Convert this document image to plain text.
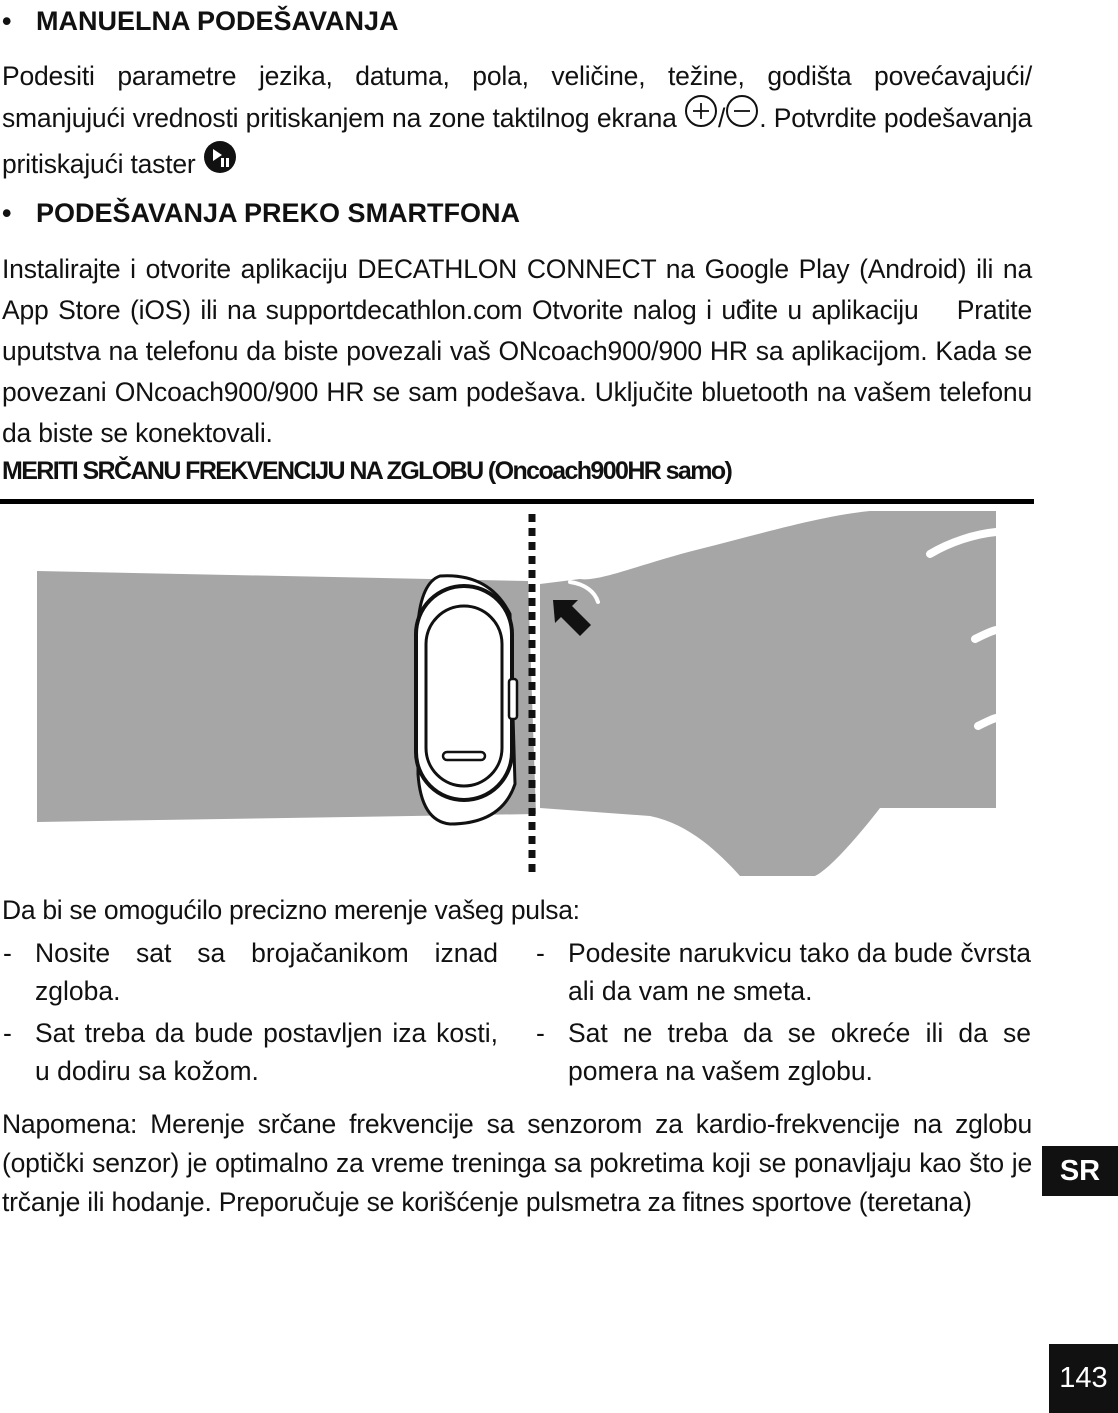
• MANUELNA PODEŠAVANJA
Podesiti parametre jezika, datuma, pola, veličine, težine, godišta povećavajući/ smanjujući vrednosti pritiskanjem na zone taktilnog ekrana / . Potvrdite podešavanja pritiskajući taster
• PODEŠAVANJA PREKO SMARTFONA
Instalirajte i otvorite aplikaciju DECATHLON CONNECT na Google Play (Android) ili na App Store (iOS) ili na supportdecathlon.com Otvorite nalog i uđite u aplikaciju    Pratite uputstva na telefonu da biste povezali vaš ONcoach900/900 HR sa aplikacijom. Kada se povezani ONcoach900/900 HR se sam podešava. Uključite bluetooth na vašem telefonu da biste se konektovali.
MERITI SRČANU FREKVENCIJU NA ZGLOBU (Oncoach900HR samo)
Da bi se omogućilo precizno merenje vašeg pulsa:
- Nosite sat sa brojačanikom iznad zgloba.
- Sat treba da bude postavljen iza kosti, u dodiru sa kožom.
- Podesite narukvicu tako da bude čvrsta ali da vam ne smeta.
- Sat ne treba da se okreće ili da se pomera na vašem zglobu.
Napomena: Merenje srčane frekvencije sa senzorom za kardio-frekvencije na zglobu (optički senzor) je optimalno za vreme treninga sa pokretima koji se ponavljaju kao što je trčanje ili hodanje. Preporučuje se korišćenje pulsmetra za fitnes sportove (teretana)
SR
143
